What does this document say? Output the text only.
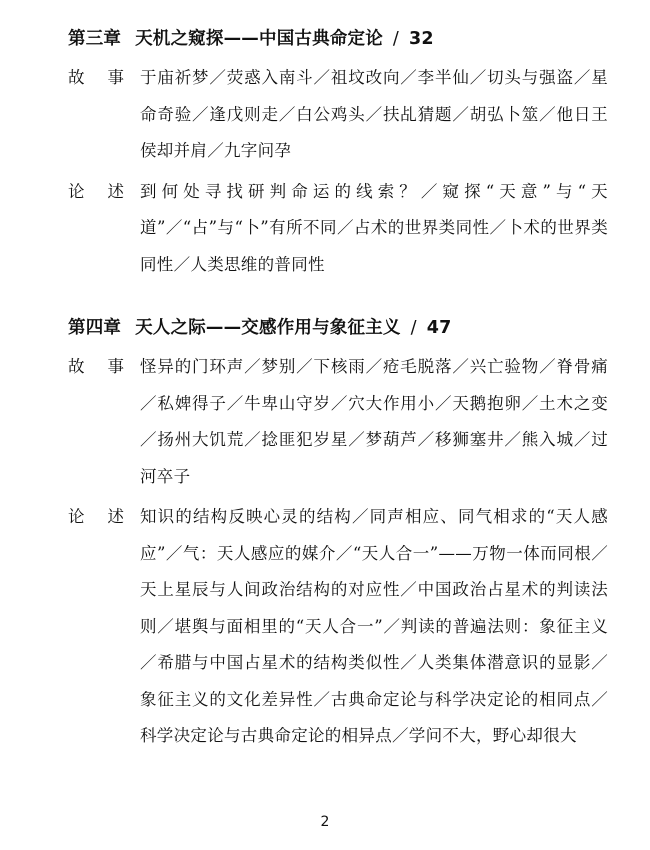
第三章 天机之窥探——中国古典命定论 / 32
故 事 于庙祈梦／荧惑入南斗／祖坟改向／李半仙／切头与强盗／星命奇验／逢戊则走／白公鸡头／扶乩猜题／胡弘卜筮／他日王侯却并肩／九字问孕
论 述 到何处寻找研判命运的线索？／窥探“天意”与“天道”／“占”与“卜”有所不同／占术的世界类同性／卜术的世界类同性／人类思维的普同性
第四章 天人之际——交感作用与象征主义 / 47
故 事 怪异的门环声／梦别／下核雨／疮毛脱落／兴亡验物／脊骨痛／私婢得子／牛卑山守岁／穴大作用小／天鹅抱卵／土木之变／扬州大饥荒／捻匪犯岁星／梦葫芦／移狮塞井／熊入城／过河卒子
论 述 知识的结构反映心灵的结构／同声相应、同气相求的“天人感应”／气：天人感应的媒介／“天人合一”——万物一体而同根／天上星辰与人间政治结构的对应性／中国政治占星术的判读法则／堪舆与面相里的“天人合一”／判读的普遍法则：象征主义／希腊与中国占星术的结构类似性／人类集体潜意识的显影／象征主义的文化差异性／古典命定论与科学决定论的相同点／科学决定论与古典命定论的相异点／学问不大，野心却很大
2
